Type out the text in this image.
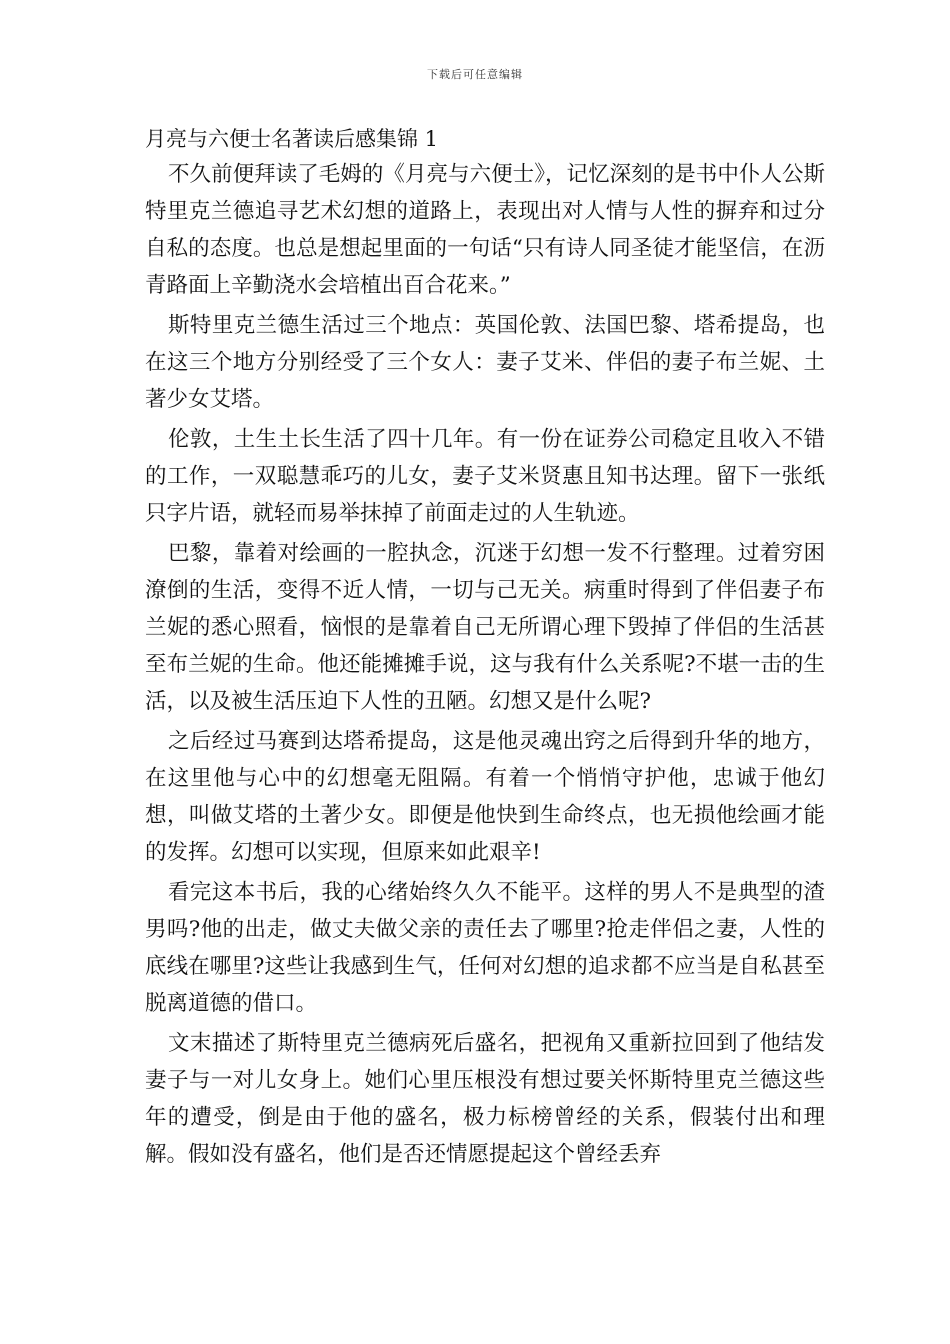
下载后可任意编辑
月亮与六便士名著读后感集锦 1

不久前便拜读了毛姆的《月亮与六便士》，记忆深刻的是书中仆人公斯特里克兰德追寻艺术幻想的道路上，表现出对人情与人性的摒弃和过分自私的态度。也总是想起里面的一句话“只有诗人同圣徒才能坚信，在沥青路面上辛勤浇水会培植出百合花来。”

斯特里克兰德生活过三个地点：英国伦敦、法国巴黎、塔希提岛，也在这三个地方分别经受了三个女人：妻子艾米、伴侣的妻子布兰妮、土著少女艾塔。

伦敦，土生土长生活了四十几年。有一份在证券公司稳定且收入不错的工作，一双聪慧乖巧的儿女，妻子艾米贤惠且知书达理。留下一张纸只字片语，就轻而易举抹掉了前面走过的人生轨迹。

巴黎，靠着对绘画的一腔执念，沉迷于幻想一发不行整理。过着穷困潦倒的生活，变得不近人情，一切与己无关。病重时得到了伴侣妻子布兰妮的悉心照看，恼恨的是靠着自己无所谓心理下毁掉了伴侣的生活甚至布兰妮的生命。他还能摊摊手说，这与我有什么关系呢?不堪一击的生活，以及被生活压迫下人性的丑陋。幻想又是什么呢?

之后经过马赛到达塔希提岛，这是他灵魂出窍之后得到升华的地方，在这里他与心中的幻想毫无阻隔。有着一个悄悄守护他，忠诚于他幻想，叫做艾塔的土著少女。即便是他快到生命终点，也无损他绘画才能的发挥。幻想可以实现，但原来如此艰辛!

看完这本书后，我的心绪始终久久不能平。这样的男人不是典型的渣男吗?他的出走，做丈夫做父亲的责任去了哪里?抢走伴侣之妻，人性的底线在哪里?这些让我感到生气，任何对幻想的追求都不应当是自私甚至脱离道德的借口。

文末描述了斯特里克兰德病死后盛名，把视角又重新拉回到了他结发妻子与一对儿女身上。她们心里压根没有想过要关怀斯特里克兰德这些年的遭受，倒是由于他的盛名，极力标榜曾经的关系，假装付出和理解。假如没有盛名，他们是否还情愿提起这个曾经丢弃
